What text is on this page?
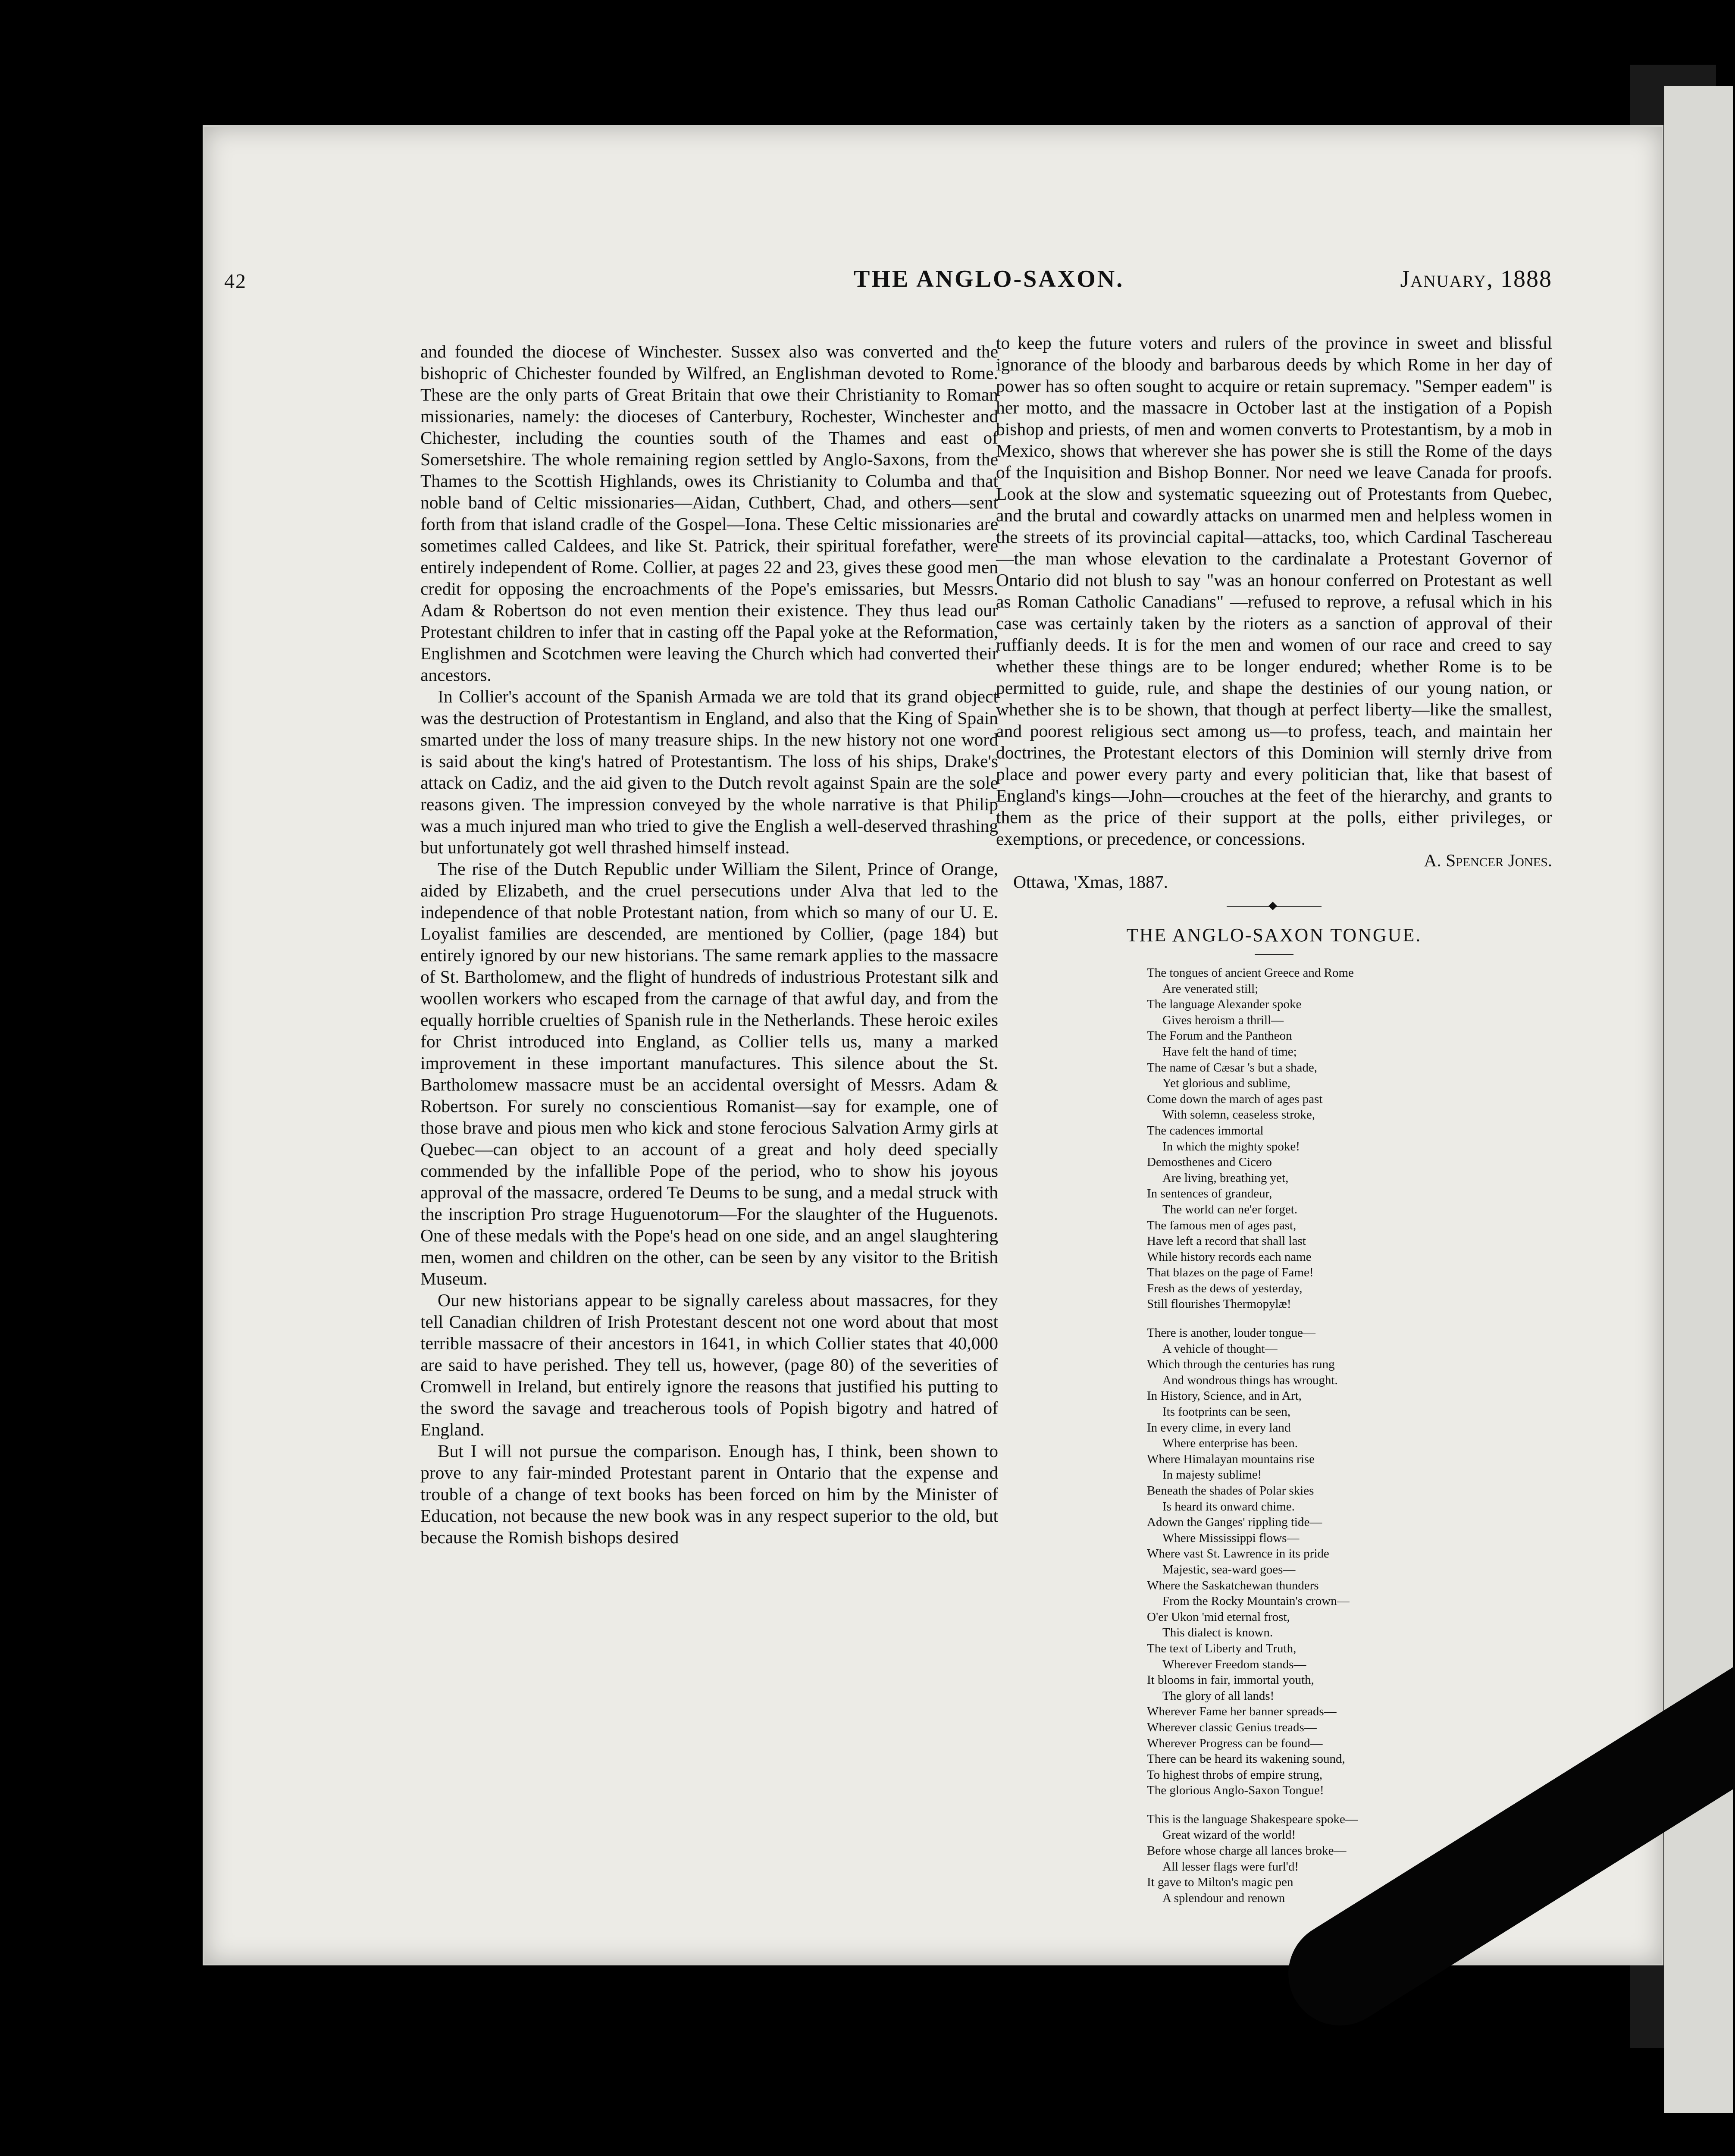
42	THE ANGLO-SAXON.	January, 1888

and founded the diocese of Winchester. Sussex also was converted and the bishopric of Chichester founded by Wilfred, an Englishman devoted to Rome. These are the only parts of Great Britain that owe their Christianity to Roman missionaries, namely: the dioceses of Canterbury, Rochester, Winchester and Chichester, including the counties south of the Thames and east of Somersetshire. The whole remaining region settled by Anglo-Saxons, from the Thames to the Scottish Highlands, owes its Christianity to Columba and that noble band of Celtic missionaries—Aidan, Cuthbert, Chad, and others—sent forth from that island cradle of the Gospel—Iona. These Celtic missionaries are sometimes called Caldees, and like St. Patrick, their spiritual forefather, were entirely independent of Rome. Collier, at pages 22 and 23, gives these good men credit for opposing the encroachments of the Pope's emissaries, but Messrs. Adam & Robertson do not even mention their existence. They thus lead our Protestant children to infer that in casting off the Papal yoke at the Reformation, Englishmen and Scotchmen were leaving the Church which had converted their ancestors.

In Collier's account of the Spanish Armada we are told that its grand object was the destruction of Protestantism in England, and also that the King of Spain smarted under the loss of many treasure ships. In the new history not one word is said about the king's hatred of Protestantism. The loss of his ships, Drake's attack on Cadiz, and the aid given to the Dutch revolt against Spain are the sole reasons given. The impression conveyed by the whole narrative is that Philip was a much injured man who tried to give the English a well-deserved thrashing but unfortunately got well thrashed himself instead.

The rise of the Dutch Republic under William the Silent, Prince of Orange, aided by Elizabeth, and the cruel persecutions under Alva that led to the independence of that noble Protestant nation, from which so many of our U. E. Loyalist families are descended, are mentioned by Collier, (page 184) but entirely ignored by our new historians. The same remark applies to the massacre of St. Bartholomew, and the flight of hundreds of industrious Protestant silk and woollen workers who escaped from the carnage of that awful day, and from the equally horrible cruelties of Spanish rule in the Netherlands. These heroic exiles for Christ introduced into England, as Collier tells us, many a marked improvement in these important manufactures. This silence about the St. Bartholomew massacre must be an accidental oversight of Messrs. Adam & Robertson. For surely no conscientious Romanist—say for example, one of those brave and pious men who kick and stone ferocious Salvation Army girls at Quebec—can object to an account of a great and holy deed specially commended by the infallible Pope of the period, who to show his joyous approval of the massacre, ordered Te Deums to be sung, and a medal struck with the inscription Pro strage Huguenotorum—For the slaughter of the Huguenots. One of these medals with the Pope's head on one side, and an angel slaughtering men, women and children on the other, can be seen by any visitor to the British Museum.

Our new historians appear to be signally careless about massacres, for they tell Canadian children of Irish Protestant descent not one word about that most terrible massacre of their ancestors in 1641, in which Collier states that 40,000 are said to have perished. They tell us, however, (page 80) of the severities of Cromwell in Ireland, but entirely ignore the reasons that justified his putting to the sword the savage and treacherous tools of Popish bigotry and hatred of England.

But I will not pursue the comparison. Enough has, I think, been shown to prove to any fair-minded Protestant parent in Ontario that the expense and trouble of a change of text books has been forced on him by the Minister of Education, not because the new book was in any respect superior to the old, but because the Romish bishops desired

to keep the future voters and rulers of the province in sweet and blissful ignorance of the bloody and barbarous deeds by which Rome in her day of power has so often sought to acquire or retain supremacy. "Semper eadem" is her motto, and the massacre in October last at the instigation of a Popish bishop and priests, of men and women converts to Protestantism, by a mob in Mexico, shows that wherever she has power she is still the Rome of the days of the Inquisition and Bishop Bonner. Nor need we leave Canada for proofs. Look at the slow and systematic squeezing out of Protestants from Quebec, and the brutal and cowardly attacks on unarmed men and helpless women in the streets of its provincial capital—attacks, too, which Cardinal Taschereau—the man whose elevation to the cardinalate a Protestant Governor of Ontario did not blush to say "was an honour conferred on Protestant as well as Roman Catholic Canadians" —refused to reprove, a refusal which in his case was certainly taken by the rioters as a sanction of approval of their ruffianly deeds. It is for the men and women of our race and creed to say whether these things are to be longer endured; whether Rome is to be permitted to guide, rule, and shape the destinies of our young nation, or whether she is to be shown, that though at perfect liberty—like the smallest, and poorest religious sect among us—to profess, teach, and maintain her doctrines, the Protestant electors of this Dominion will sternly drive from place and power every party and every politician that, like that basest of England's kings—John—crouches at the feet of the hierarchy, and grants to them as the price of their support at the polls, either privileges, or exemptions, or precedence, or concessions.

A. Spencer Jones.
Ottawa, 'Xmas, 1887.
THE ANGLO-SAXON TONGUE.
The tongues of ancient Greece and Rome
Are venerated still;
The language Alexander spoke
Gives heroism a thrill—
The Forum and the Pantheon
Have felt the hand of time;
The name of Cæsar 's but a shade,
Yet glorious and sublime,
Come down the march of ages past
With solemn, ceaseless stroke,
The cadences immortal
In which the mighty spoke!
Demosthenes and Cicero
Are living, breathing yet,
In sentences of grandeur,
The world can ne'er forget.
The famous men of ages past,
Have left a record that shall last
While history records each name
That blazes on the page of Fame!
Fresh as the dews of yesterday,
Still flourishes Thermopylæ!
There is another, louder tongue—
A vehicle of thought—
Which through the centuries has rung
And wondrous things has wrought.
In History, Science, and in Art,
Its footprints can be seen,
In every clime, in every land
Where enterprise has been.
Where Himalayan mountains rise
In majesty sublime!
Beneath the shades of Polar skies
Is heard its onward chime.
Adown the Ganges' rippling tide—
Where Mississippi flows—
Where vast St. Lawrence in its pride
Majestic, sea-ward goes—
Where the Saskatchewan thunders
From the Rocky Mountain's crown—
O'er Ukon 'mid eternal frost,
This dialect is known.
The text of Liberty and Truth,
Wherever Freedom stands—
It blooms in fair, immortal youth,
The glory of all lands!
Wherever Fame her banner spreads—
Wherever classic Genius treads—
Wherever Progress can be found—
There can be heard its wakening sound,
To highest throbs of empire strung,
The glorious Anglo-Saxon Tongue!
This is the language Shakespeare spoke—
Great wizard of the world!
Before whose charge all lances broke—
All lesser flags were furl'd!
It gave to Milton's magic pen
A splendour and renown
